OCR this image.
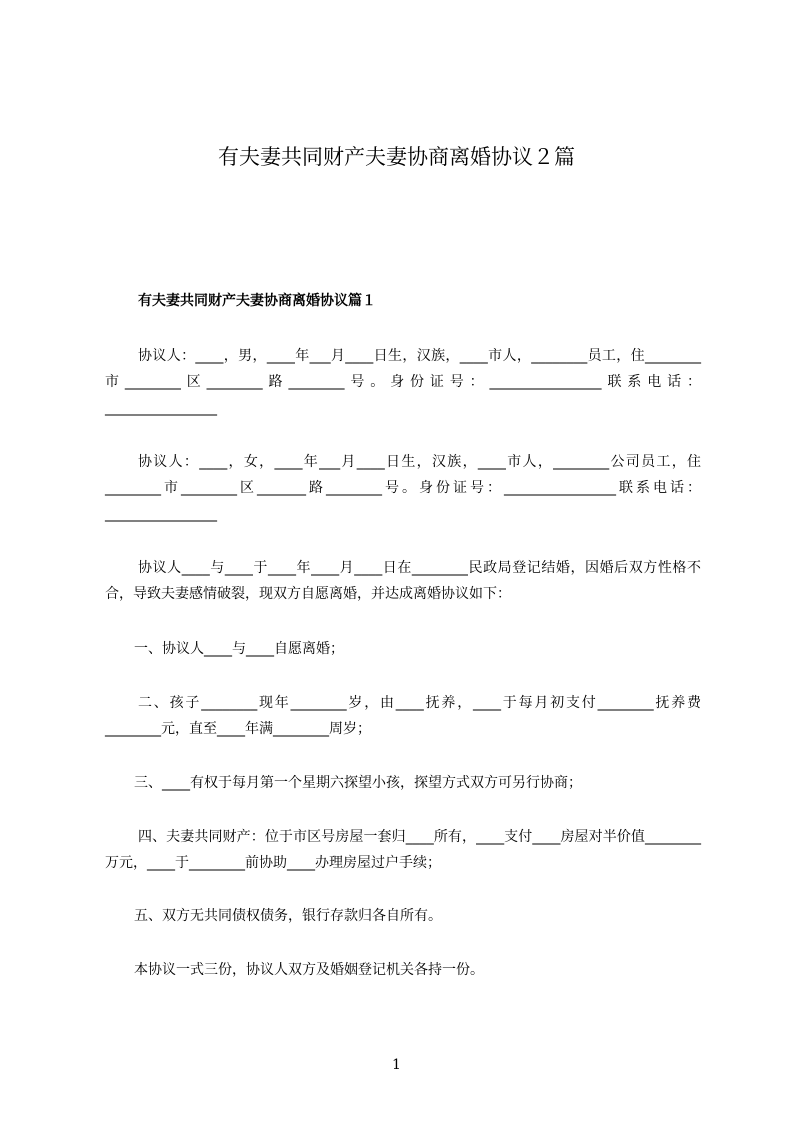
有夫妻共同财产夫妻协商离婚协议２篇
有夫妻共同财产夫妻协商离婚协议篇１

协议人：____，男，____年___月____日生，汉族，____市人，________员工，住________市________区________路________号。身份证号：________________联系电话：________________

协议人：____，女，____年___月____日生，汉族，____市人，________公司员工，住________市________区_______路________号。身份证号：________________联系电话：________________

协议人____与____于____年____月____日在________民政局登记结婚，因婚后双方性格不合，导致夫妻感情破裂，现双方自愿离婚，并达成离婚协议如下：

一、协议人____与____自愿离婚；

二、孩子________现年________岁，由____抚养，____于每月初支付________抚养费________元，直至____年满________周岁；

三、____有权于每月第一个星期六探望小孩，探望方式双方可另行协商；

四、夫妻共同财产：位于市区号房屋一套归____所有，____支付____房屋对半价值________万元，____于________前协助____办理房屋过户手续；

五、双方无共同债权债务，银行存款归各自所有。

本协议一式三份，协议人双方及婚姻登记机关各持一份。

1
